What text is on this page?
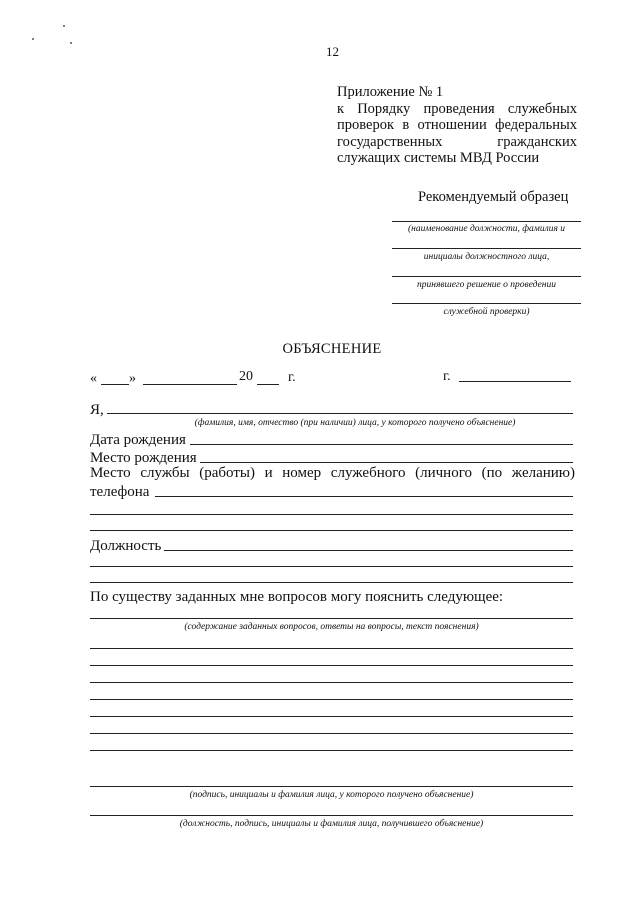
12
Приложение № 1
к Порядку проведения служебных
проверок в отношении федеральных
государственных гражданских
служащих системы МВД России
Рекомендуемый образец
(наименование должности, фамилия и
инициалы должностного лица,
принявшего решение о проведении
служебной проверки)
ОБЪЯСНЕНИЕ
« »	20	г.	г.
Я,
(фамилия, имя, отчество (при наличии) лица, у которого получено объяснение)
Дата рождения
Место рождения
Место службы (работы) и номер служебного (личного (по желанию)
телефона
Должность
По существу заданных мне вопросов могу пояснить следующее:
(содержание заданных вопросов, ответы на вопросы, текст пояснения)
(подпись, инициалы и фамилия лица, у которого получено объяснение)
(должность, подпись, инициалы и фамилия лица, получившего объяснение)
